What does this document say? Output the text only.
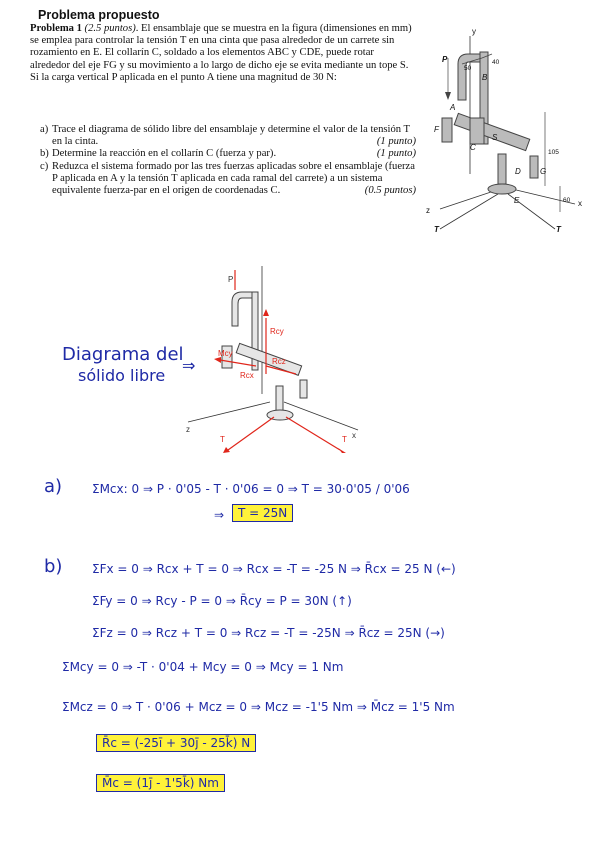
Problema propuesto
Problema 1 (2.5 puntos). El ensamblaje que se muestra en la figura (dimensiones en mm) se emplea para controlar la tensión T en una cinta que pasa alrededor de un carrete sin rozamiento en E. El collarín C, soldado a los elementos ABC y CDE, puede rotar alrededor del eje FG y su movimiento a lo largo de dicho eje se evita mediante un tope S. Si la carga vertical P aplicada en el punto A tiene una magnitud de 30 N:
a) Trace el diagrama de sólido libre del ensamblaje y determine el valor de la tensión T en la cinta.	(1 punto)
b) Determine la reacción en el collarín C (fuerza y par).	(1 punto)
c) Reduzca el sistema formado por las tres fuerzas aplicadas sobre el ensamblaje (fuerza P aplicada en A y la tensión T aplicada en cada ramal del carrete) a un sistema equivalente fuerza-par en el origen de coordenadas C.	(0.5 puntos)
y
z
x
P
A
B
C
D
E
F
G
S
T	T
50
40
105
60
Diagrama del
sólido libre
⇒
P
Rcy
Rcx
Rcz
Mcy
T	T
z
x
a) ΣMcx: 0 ⇒ P · 0'05 - T · 0'06 = 0 ⇒ T = 30·0'05 / 0'06
⇒	T = 25N
b) ΣFx = 0 ⇒ Rcx + T = 0 ⇒ Rcx = -T = -25 N ⇒ R̄cx = 25 N (←)
ΣFy = 0 ⇒ Rcy - P = 0 ⇒ R̄cy = P = 30N (↑)
ΣFz = 0 ⇒ Rcz + T = 0 ⇒ Rcz = -T = -25N ⇒ R̄cz = 25N (→)
ΣMcy = 0 ⇒ -T · 0'04 + Mcy = 0 ⇒ Mcy = 1 Nm
ΣMcz = 0 ⇒ T · 0'06 + Mcz = 0 ⇒ Mcz = -1'5 Nm ⇒ M̄cz = 1'5 Nm
R̄c = (-25ī + 30j̄ - 25k̄) N
M̄c = (1j̄ - 1'5k̄) Nm
